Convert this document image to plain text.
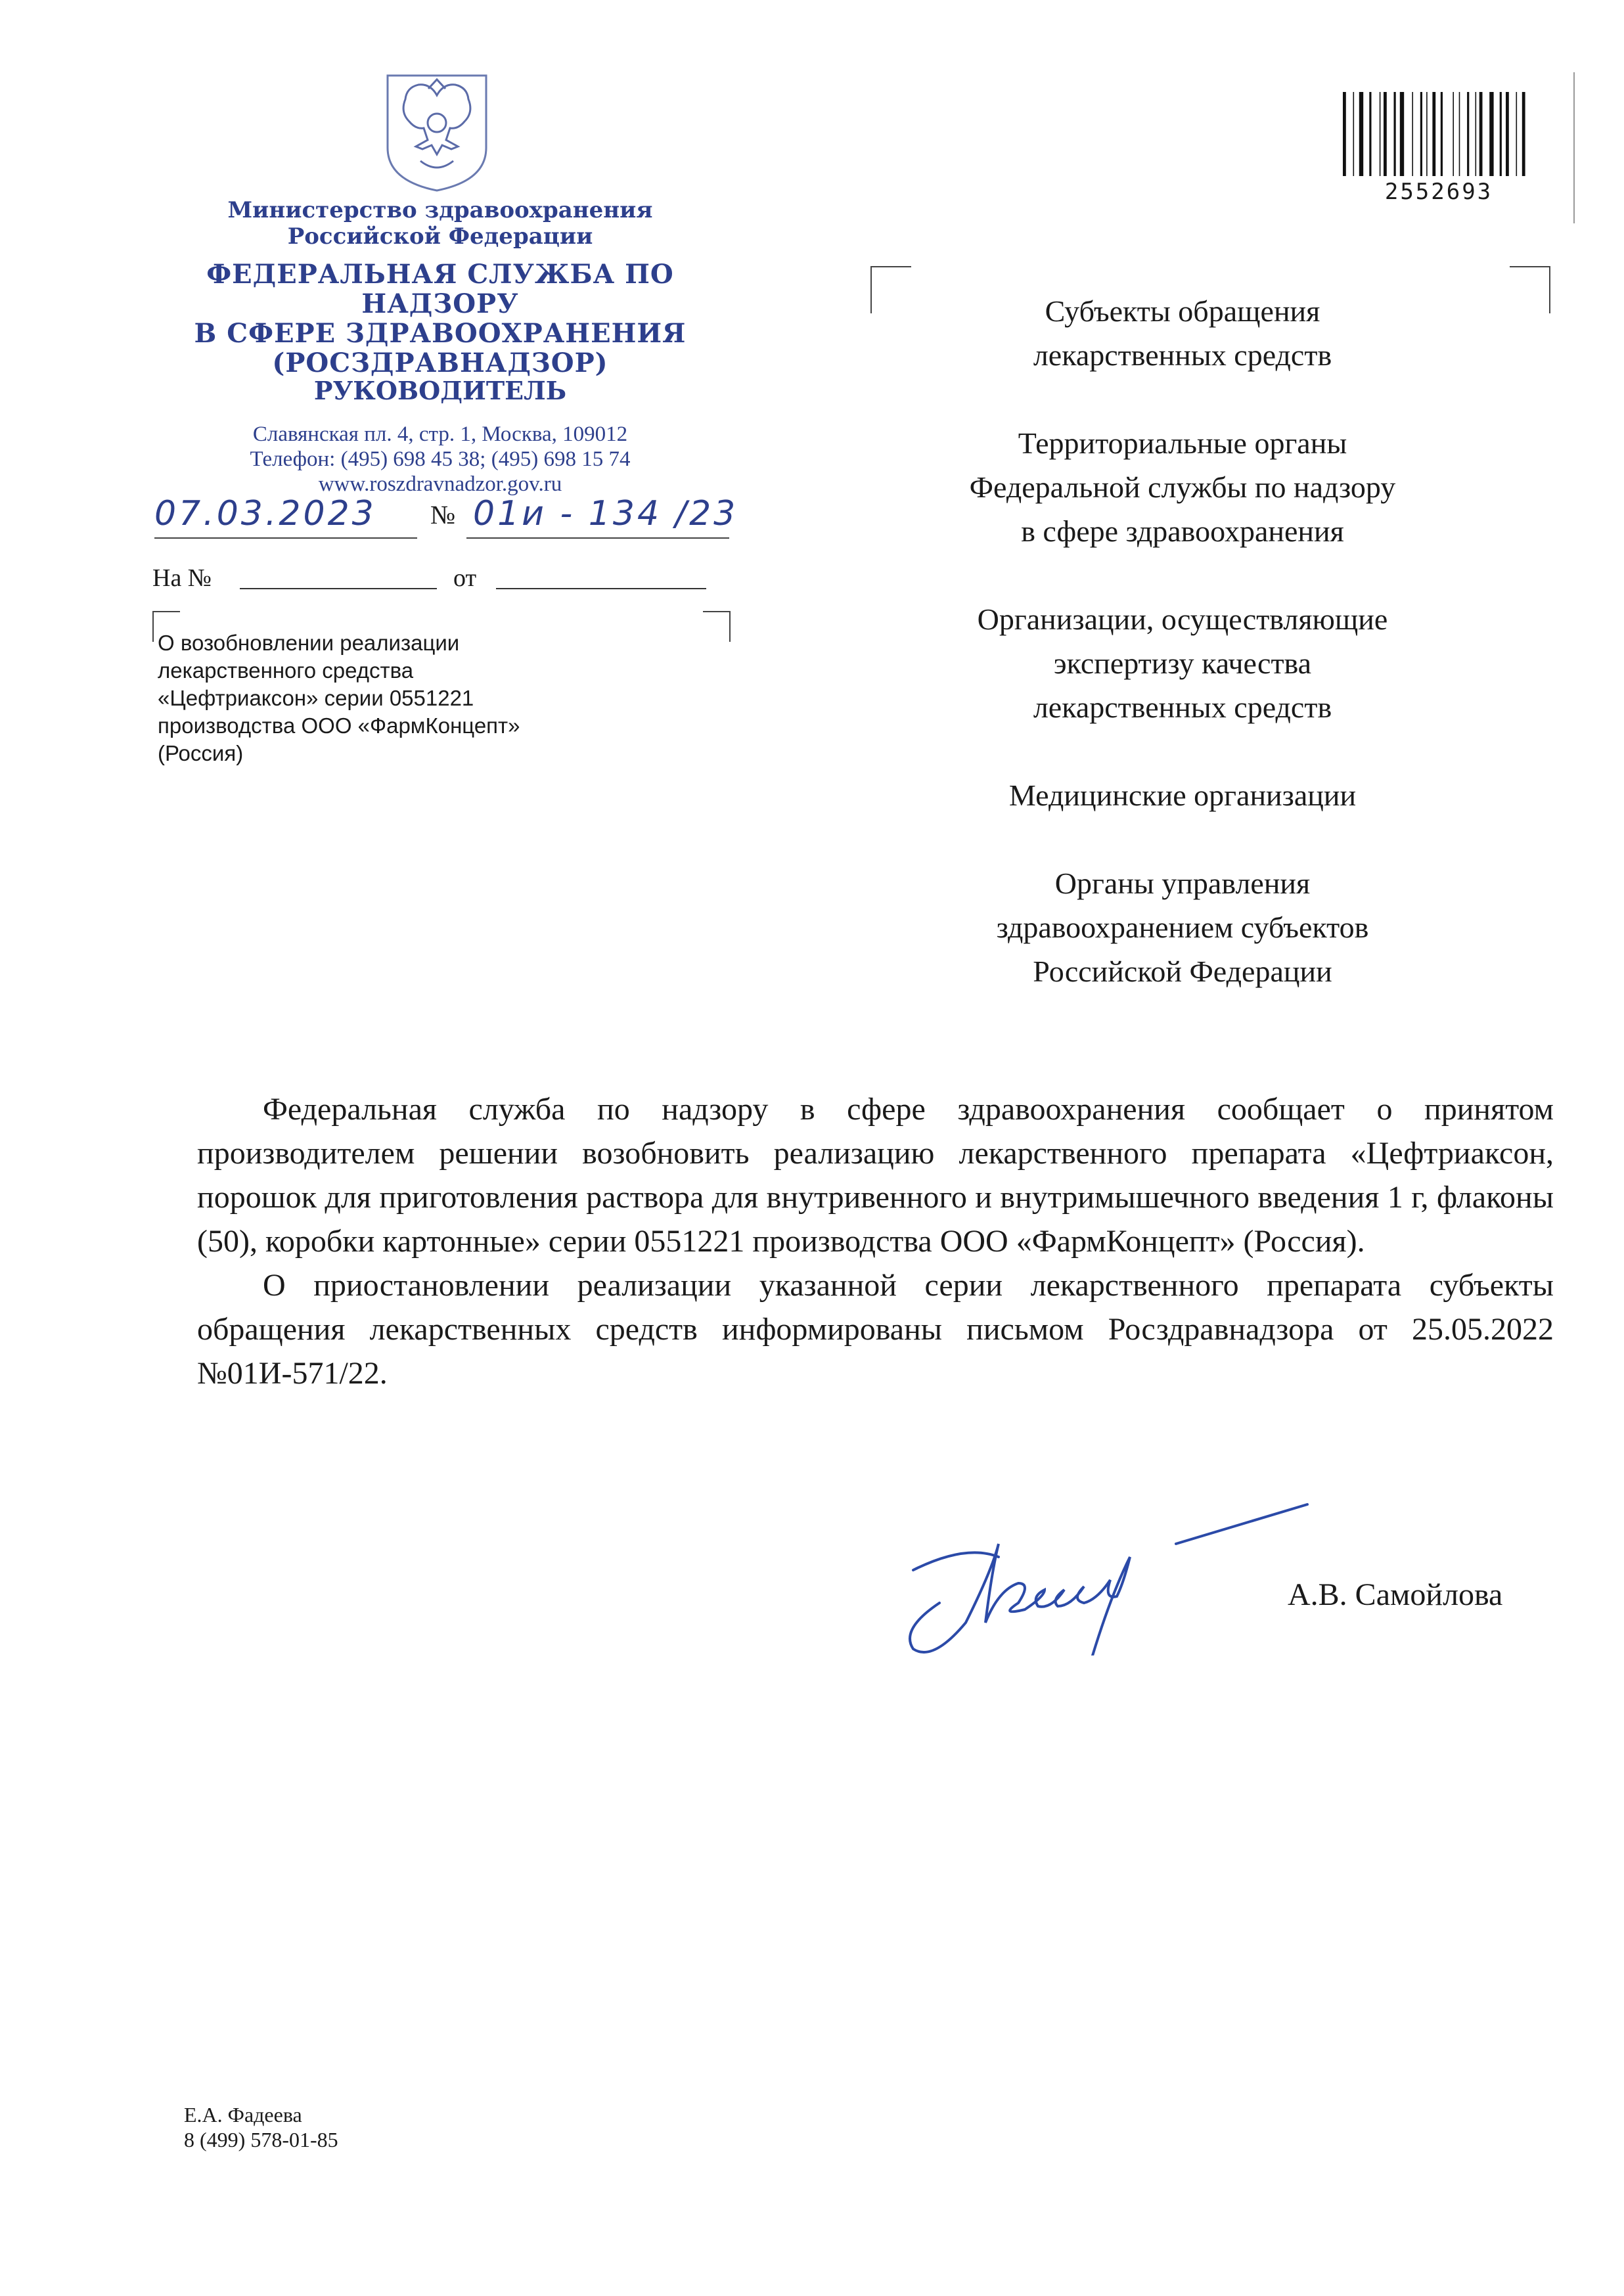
Министерство здравоохранения
Российской Федерации
ФЕДЕРАЛЬНАЯ СЛУЖБА ПО НАДЗОРУ
В СФЕРЕ ЗДРАВООХРАНЕНИЯ
(РОСЗДРАВНАДЗОР)
РУКОВОДИТЕЛЬ
Славянская пл. 4, стр. 1, Москва, 109012
Телефон: (495) 698 45 38; (495) 698 15 74
www.roszdravnadzor.gov.ru
07.03.2023 № 01и - 134 /23
На №	от
О возобновлении реализации
лекарственного средства
«Цефтриаксон» серии 0551221
производства ООО «ФармКонцепт»
(Россия)
2552693
Субъекты обращения
лекарственных средств
Территориальные органы
Федеральной службы по надзору
в сфере здравоохранения
Организации, осуществляющие
экспертизу качества
лекарственных средств
Медицинские организации
Органы управления
здравоохранением субъектов
Российской Федерации

Федеральная служба по надзору в сфере здравоохранения сообщает о принятом производителем решении возобновить реализацию лекарственного препарата «Цефтриаксон, порошок для приготовления раствора для внутривенного и внутримышечного введения 1 г, флаконы (50), коробки картонные» серии 0551221 производства ООО «ФармКонцепт» (Россия).

О приостановлении реализации указанной серии лекарственного препарата субъекты обращения лекарственных средств информированы письмом Росздравнадзора от 25.05.2022 №01И-571/22.

А.В. Самойлова
Е.А. Фадеева
8 (499) 578-01-85
